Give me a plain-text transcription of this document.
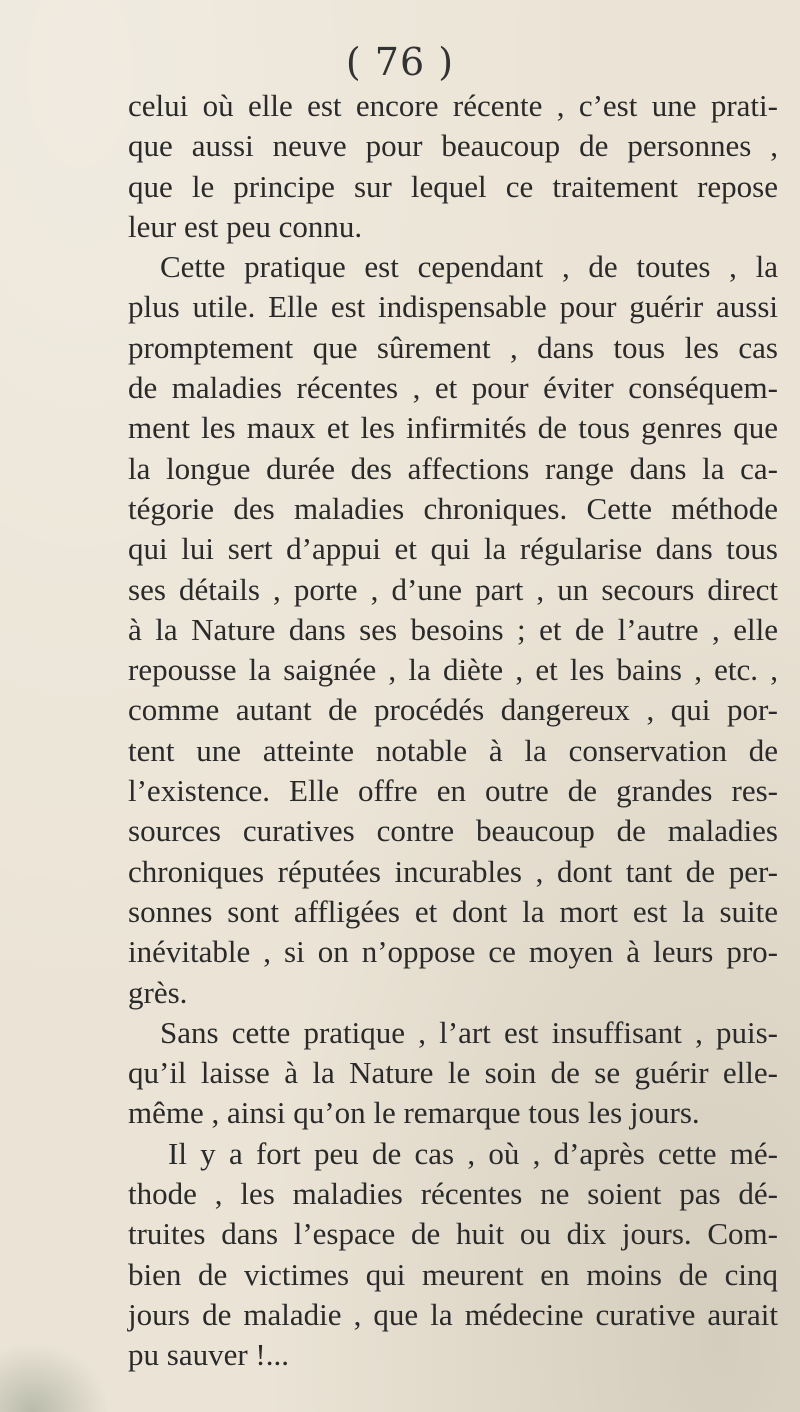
( 76 )
celui où elle est encore récente , c’est une prati-
que aussi neuve pour beaucoup de personnes ,
que le principe sur lequel ce traitement repose
leur est peu connu.
Cette pratique est cependant , de toutes , la
plus utile. Elle est indispensable pour guérir aussi
promptement que sûrement , dans tous les cas
de maladies récentes , et pour éviter conséquem-
ment les maux et les infirmités de tous genres que
la longue durée des affections range dans la ca-
tégorie des maladies chroniques. Cette méthode
qui lui sert d’appui et qui la régularise dans tous
ses détails , porte , d’une part , un secours direct
à la Nature dans ses besoins ; et de l’autre , elle
repousse la saignée , la diète , et les bains , etc. ,
comme autant de procédés dangereux , qui por-
tent une atteinte notable à la conservation de
l’existence. Elle offre en outre de grandes res-
sources curatives contre beaucoup de maladies
chroniques réputées incurables , dont tant de per-
sonnes sont affligées et dont la mort est la suite
inévitable , si on n’oppose ce moyen à leurs pro-
grès.
Sans cette pratique , l’art est insuffisant , puis-
qu’il laisse à la Nature le soin de se guérir elle-
même , ainsi qu’on le remarque tous les jours.
Il y a fort peu de cas , où , d’après cette mé-
thode , les maladies récentes ne soient pas dé-
truites dans l’espace de huit ou dix jours. Com-
bien de victimes qui meurent en moins de cinq
jours de maladie , que la médecine curative aurait
pu sauver !...
